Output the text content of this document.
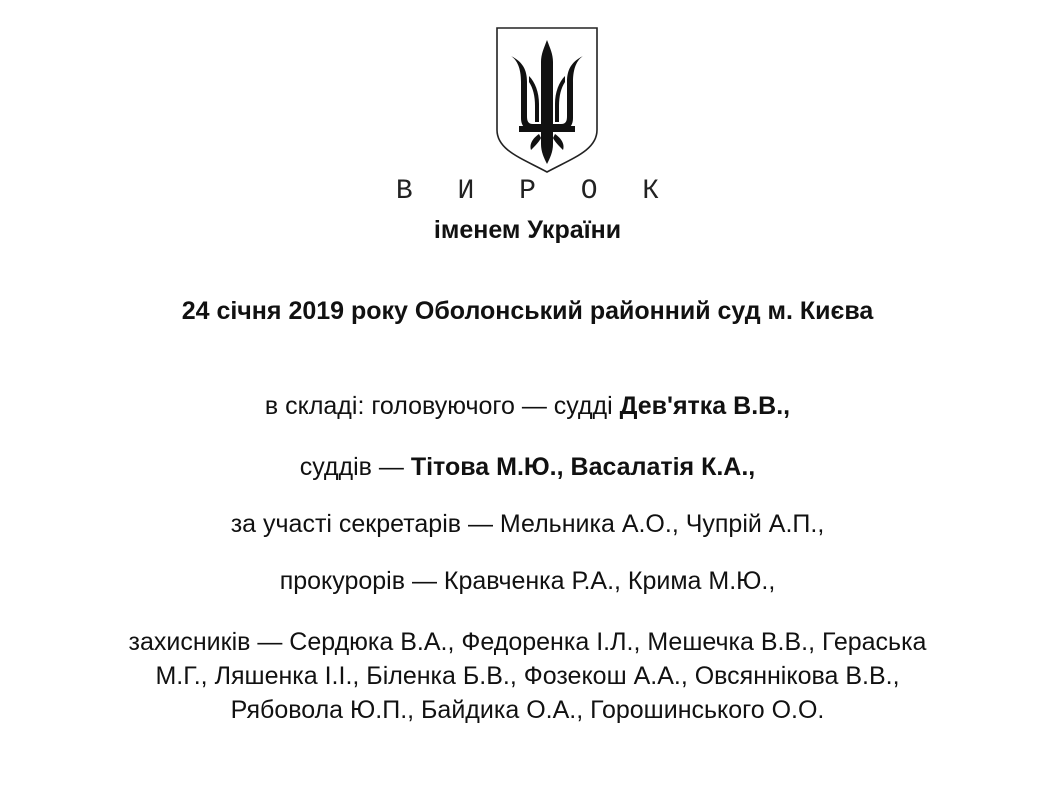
В И Р О К
іменем України
24 січня 2019 року Оболонський районний суд м. Києва
в складі: головуючого — судді Дев'ятка В.В.,
суддів — Тітова М.Ю., Васалатія К.А.,
за участі секретарів — Мельника А.О., Чупрій А.П.,
прокурорів — Кравченка Р.А., Крима М.Ю.,
захисників — Сердюка В.А., Федоренка І.Л., Мешечка В.В., Гераська
М.Г., Ляшенка І.І., Біленка Б.В., Фозекош А.А., Овсяннікова В.В.,
Рябовола Ю.П., Байдика О.А., Горошинського О.О.
